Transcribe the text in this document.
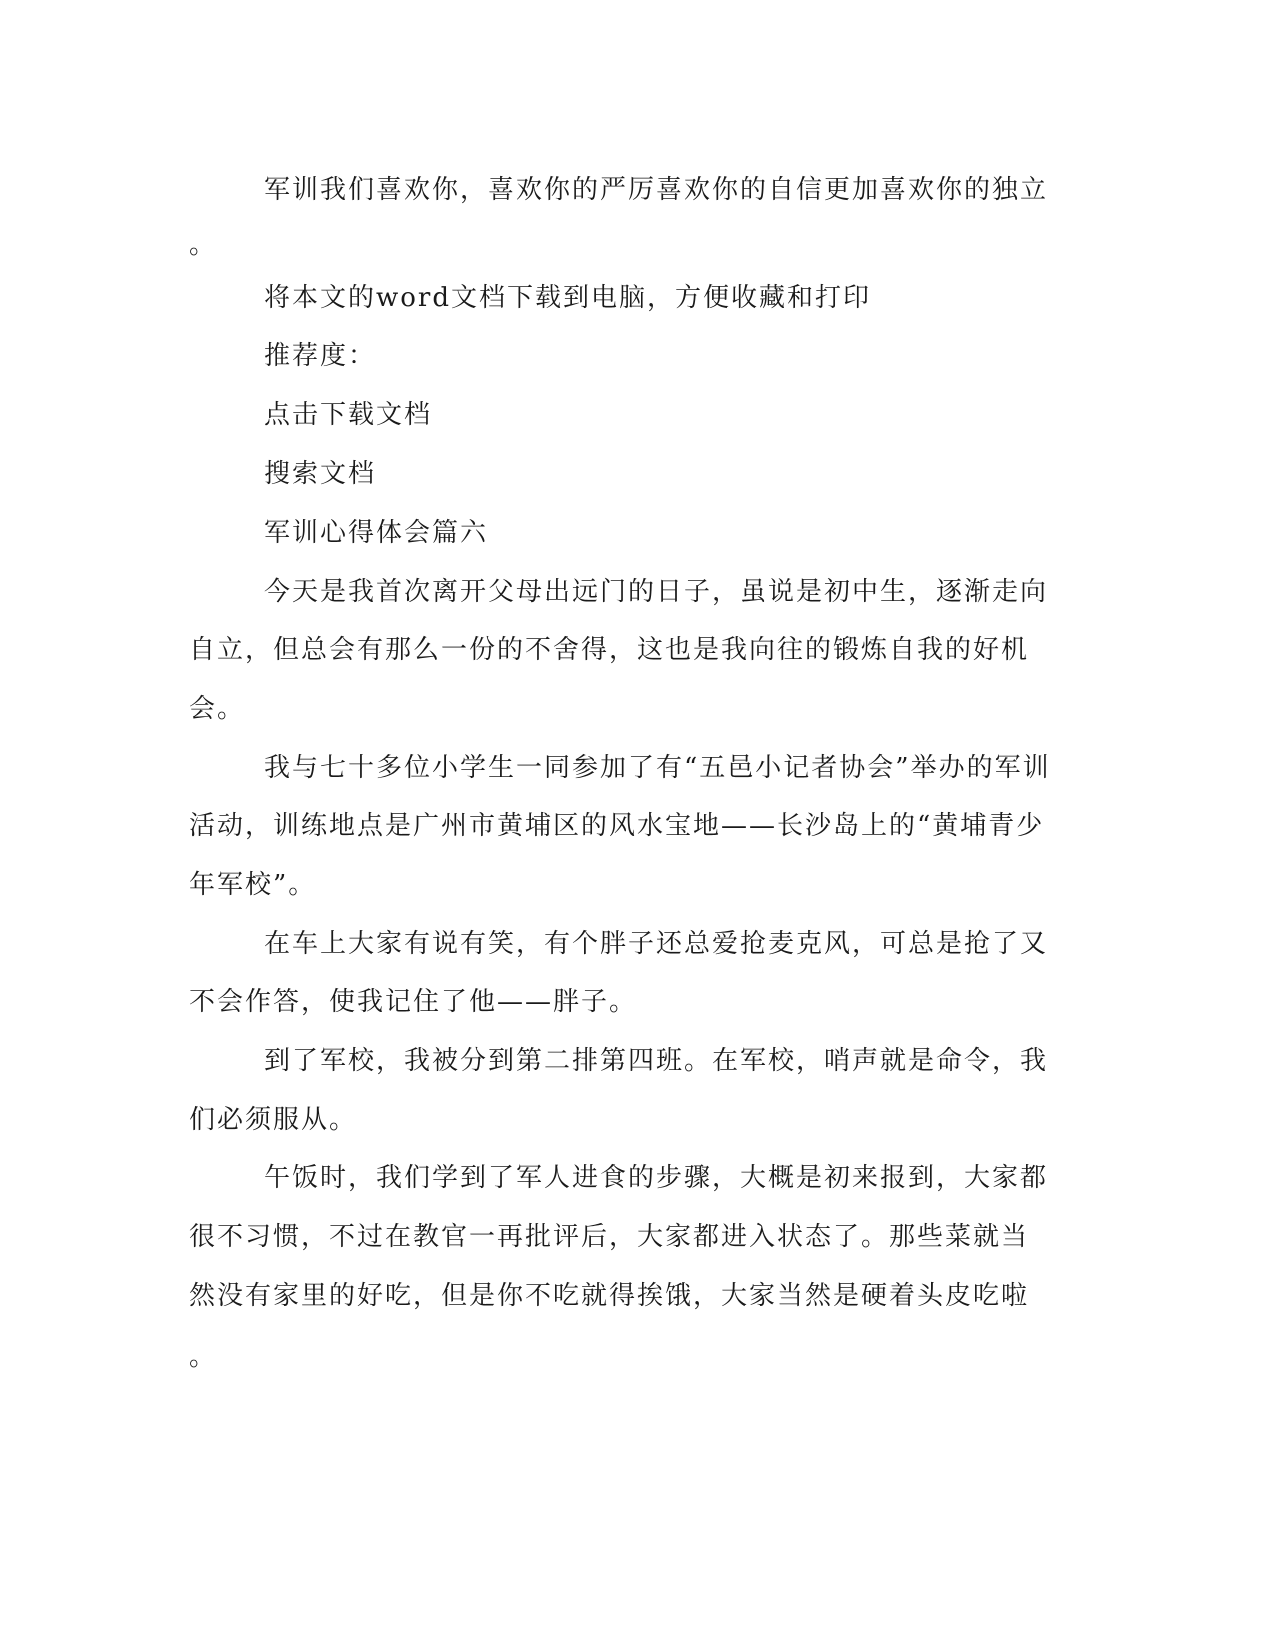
军训我们喜欢你，喜欢你的严厉喜欢你的自信更加喜欢你的独立
。
将本文的word文档下载到电脑，方便收藏和打印
推荐度：
点击下载文档
搜索文档
军训心得体会篇六
今天是我首次离开父母出远门的日子，虽说是初中生，逐渐走向
自立，但总会有那么一份的不舍得，这也是我向往的锻炼自我的好机
会。
我与七十多位小学生一同参加了有“五邑小记者协会”举办的军训
活动，训练地点是广州市黄埔区的风水宝地——长沙岛上的“黄埔青少
年军校”。
在车上大家有说有笑，有个胖子还总爱抢麦克风，可总是抢了又
不会作答，使我记住了他——胖子。
到了军校，我被分到第二排第四班。在军校，哨声就是命令，我
们必须服从。
午饭时，我们学到了军人进食的步骤，大概是初来报到，大家都
很不习惯，不过在教官一再批评后，大家都进入状态了。那些菜就当
然没有家里的好吃，但是你不吃就得挨饿，大家当然是硬着头皮吃啦
。
